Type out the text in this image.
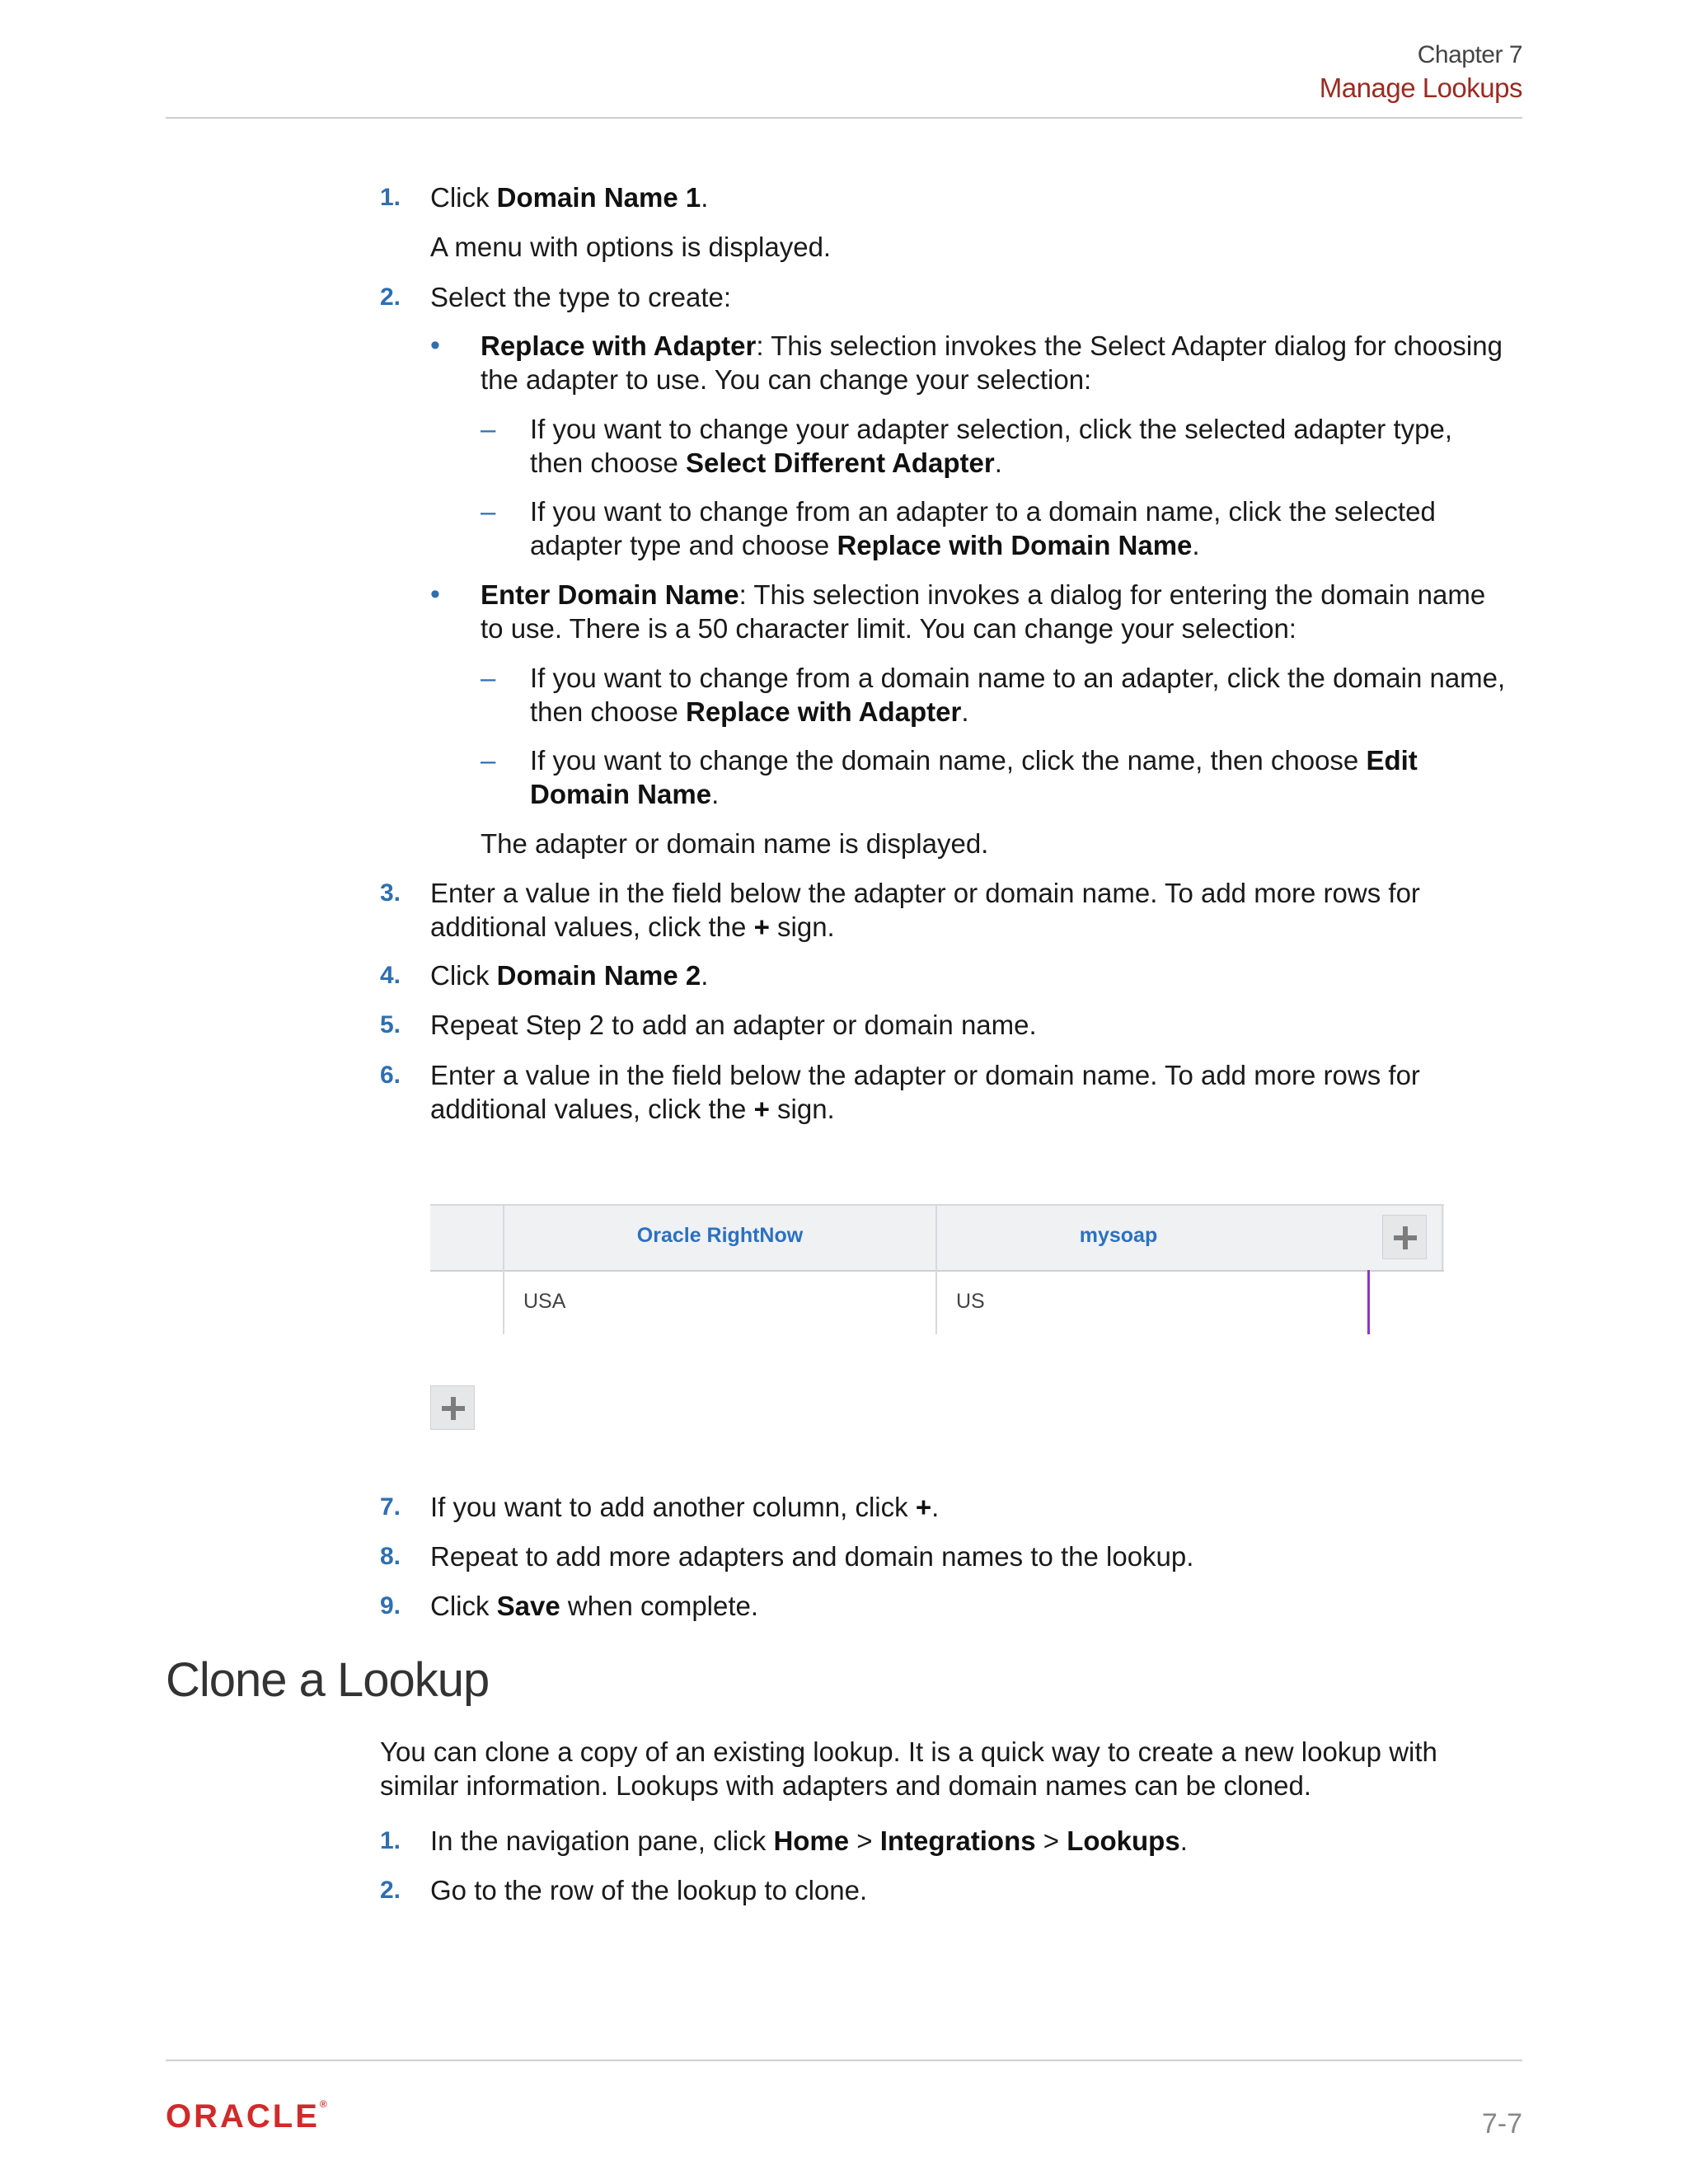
Chapter 7
Manage Lookups
1. Click Domain Name 1.
A menu with options is displayed.
2. Select the type to create:
• Replace with Adapter: This selection invokes the Select Adapter dialog for choosing
the adapter to use. You can change your selection:
– If you want to change your adapter selection, click the selected adapter type,
then choose Select Different Adapter.
– If you want to change from an adapter to a domain name, click the selected
adapter type and choose Replace with Domain Name.
• Enter Domain Name: This selection invokes a dialog for entering the domain name
to use. There is a 50 character limit. You can change your selection:
– If you want to change from a domain name to an adapter, click the domain name,
then choose Replace with Adapter.
– If you want to change the domain name, click the name, then choose Edit
Domain Name.
The adapter or domain name is displayed.
3. Enter a value in the field below the adapter or domain name. To add more rows for
additional values, click the + sign.
4. Click Domain Name 2.
5. Repeat Step 2 to add an adapter or domain name.
6. Enter a value in the field below the adapter or domain name. To add more rows for
additional values, click the + sign.
Oracle RightNow	mysoap
USA	US
7. If you want to add another column, click +.
8. Repeat to add more adapters and domain names to the lookup.
9. Click Save when complete.
Clone a Lookup
You can clone a copy of an existing lookup. It is a quick way to create a new lookup with
similar information. Lookups with adapters and domain names can be cloned.
1. In the navigation pane, click Home > Integrations > Lookups.
2. Go to the row of the lookup to clone.
ORACLE®
7-7
